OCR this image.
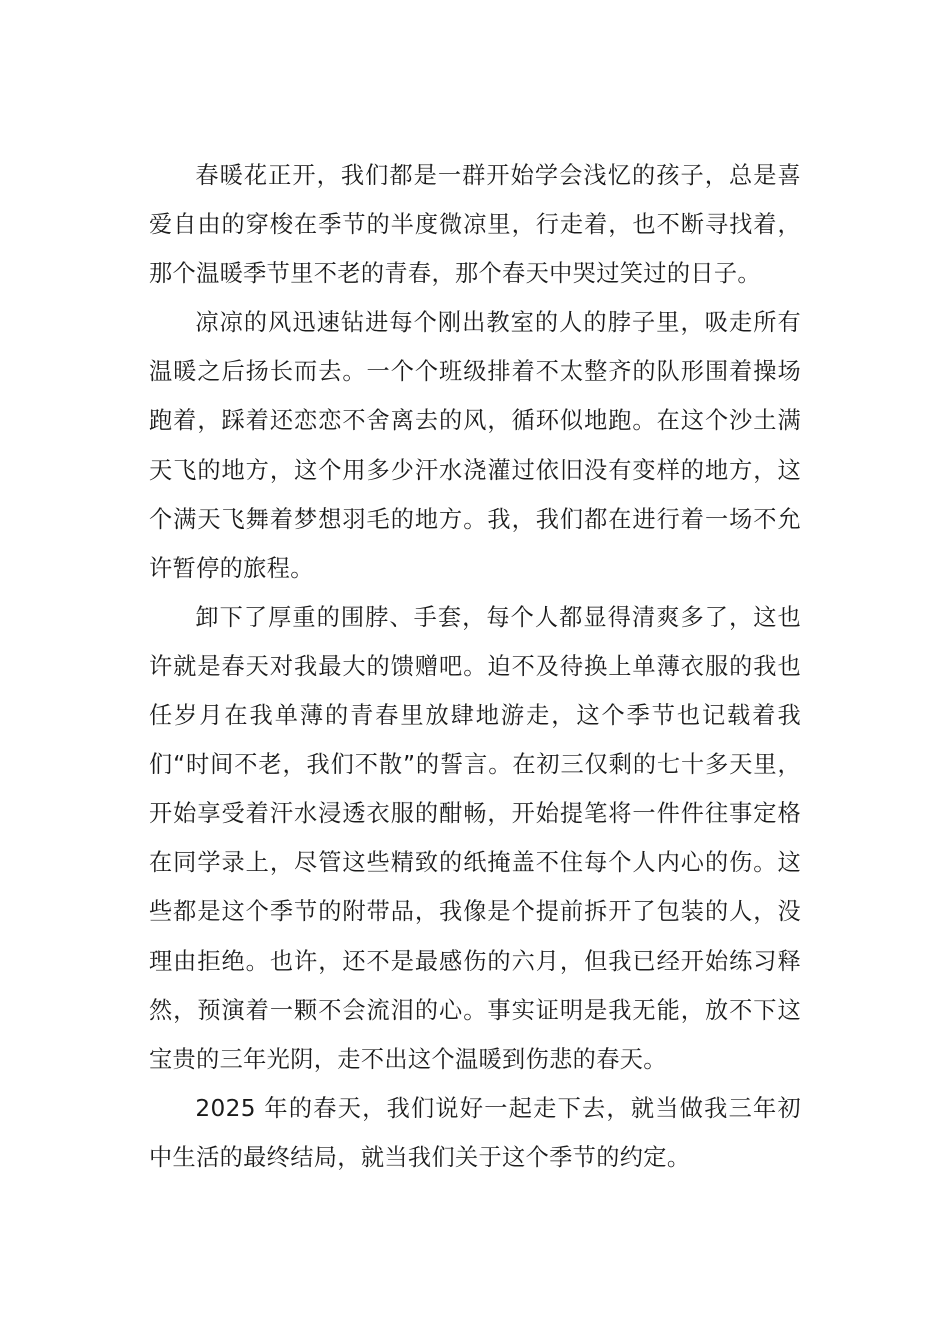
春暖花正开，我们都是一群开始学会浅忆的孩子，总是喜爱自由的穿梭在季节的半度微凉里，行走着，也不断寻找着，那个温暖季节里不老的青春，那个春天中哭过笑过的日子。

凉凉的风迅速钻进每个刚出教室的人的脖子里，吸走所有温暖之后扬长而去。一个个班级排着不太整齐的队形围着操场跑着，踩着还恋恋不舍离去的风，循环似地跑。在这个沙土满天飞的地方，这个用多少汗水浇灌过依旧没有变样的地方，这个满天飞舞着梦想羽毛的地方。我，我们都在进行着一场不允许暂停的旅程。

卸下了厚重的围脖、手套，每个人都显得清爽多了，这也许就是春天对我最大的馈赠吧。迫不及待换上单薄衣服的我也任岁月在我单薄的青春里放肆地游走，这个季节也记载着我们“时间不老，我们不散”的誓言。在初三仅剩的七十多天里，开始享受着汗水浸透衣服的酣畅，开始提笔将一件件往事定格在同学录上，尽管这些精致的纸掩盖不住每个人内心的伤。这些都是这个季节的附带品，我像是个提前拆开了包装的人，没理由拒绝。也许，还不是最感伤的六月，但我已经开始练习释然，预演着一颗不会流泪的心。事实证明是我无能，放不下这宝贵的三年光阴，走不出这个温暖到伤悲的春天。

2025 年的春天，我们说好一起走下去，就当做我三年初中生活的最终结局，就当我们关于这个季节的约定。
